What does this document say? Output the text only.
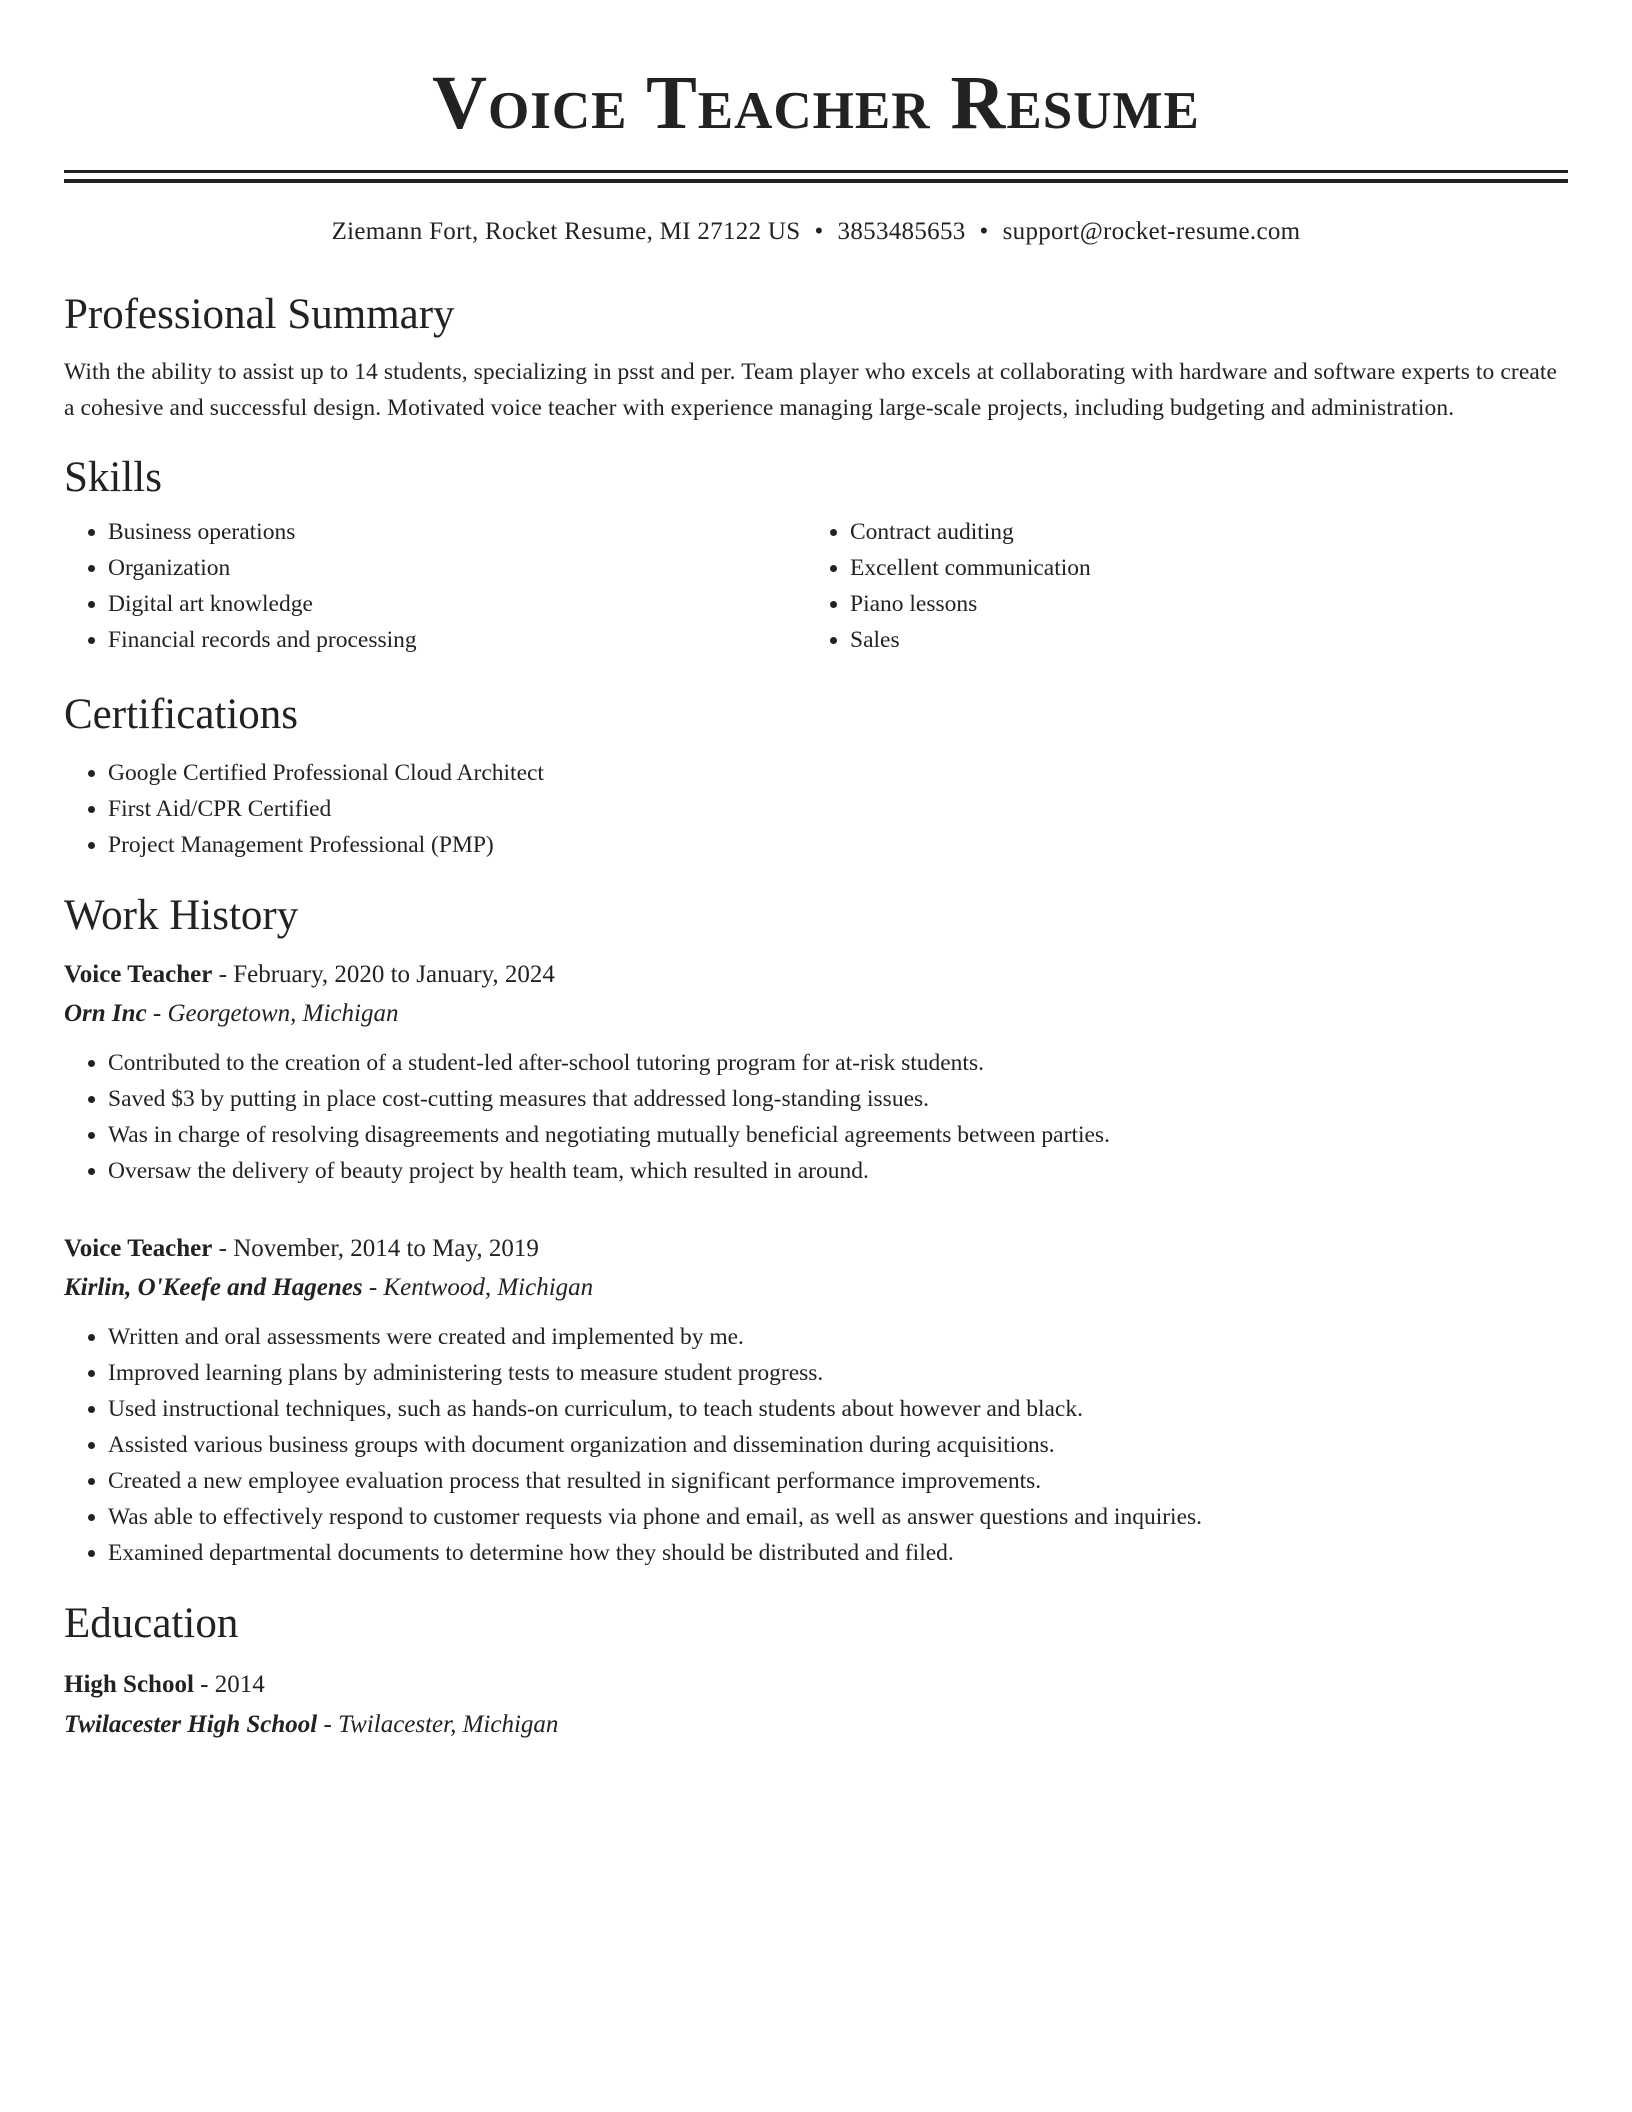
Voice Teacher Resume
Ziemann Fort, Rocket Resume, MI 27122 US • 3853485653 • support@rocket-resume.com
Professional Summary

With the ability to assist up to 14 students, specializing in psst and per. Team player who excels at collaborating with hardware and software experts to create a cohesive and successful design. Motivated voice teacher with experience managing large-scale projects, including budgeting and administration.

Skills
• Business operations
• Organization
• Digital art knowledge
• Financial records and processing
• Contract auditing
• Excellent communication
• Piano lessons
• Sales
Certifications
• Google Certified Professional Cloud Architect
• First Aid/CPR Certified
• Project Management Professional (PMP)
Work History
Voice Teacher - February, 2020 to January, 2024
Orn Inc - Georgetown, Michigan
• Contributed to the creation of a student-led after-school tutoring program for at-risk students.
• Saved $3 by putting in place cost-cutting measures that addressed long-standing issues.
• Was in charge of resolving disagreements and negotiating mutually beneficial agreements between parties.
• Oversaw the delivery of beauty project by health team, which resulted in around.
Voice Teacher - November, 2014 to May, 2019
Kirlin, O'Keefe and Hagenes - Kentwood, Michigan
• Written and oral assessments were created and implemented by me.
• Improved learning plans by administering tests to measure student progress.
• Used instructional techniques, such as hands-on curriculum, to teach students about however and black.
• Assisted various business groups with document organization and dissemination during acquisitions.
• Created a new employee evaluation process that resulted in significant performance improvements.
• Was able to effectively respond to customer requests via phone and email, as well as answer questions and inquiries.
• Examined departmental documents to determine how they should be distributed and filed.
Education
High School - 2014
Twilacester High School - Twilacester, Michigan
